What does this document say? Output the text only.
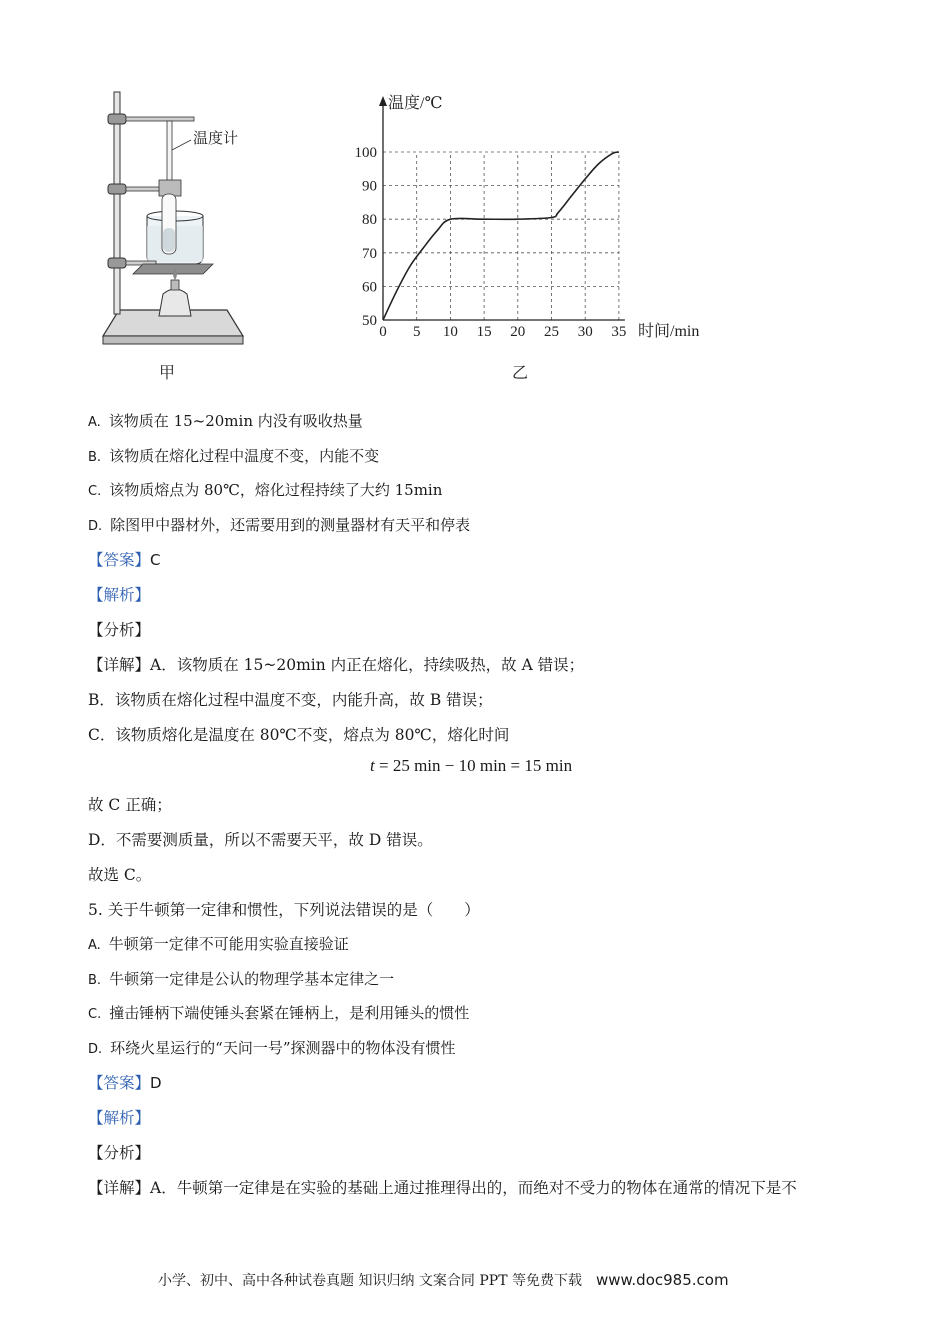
温度计
甲
0 5 10 15 20 25 30 35
50
60
70
80
90
100
温度/℃
时间/min
乙
A. 该物质在 15~20min 内没有吸收热量
B. 该物质在熔化过程中温度不变，内能不变
C. 该物质熔点为 80℃，熔化过程持续了大约 15min
D. 除图甲中器材外，还需要用到的测量器材有天平和停表
【答案】C
【解析】
【分析】
【详解】A．该物质在 15~20min 内正在熔化，持续吸热，故 A 错误；
B．该物质在熔化过程中温度不变，内能升高，故 B 错误；
C．该物质熔化是温度在 80℃不变，熔点为 80℃，熔化时间
t = 25 min − 10 min = 15 min
故 C 正确；
D．不需要测质量，所以不需要天平，故 D 错误。
故选 C。
5. 关于牛顿第一定律和惯性，下列说法错误的是（　　）
A. 牛顿第一定律不可能用实验直接验证
B. 牛顿第一定律是公认的物理学基本定律之一
C. 撞击锤柄下端使锤头套紧在锤柄上，是利用锤头的惯性
D. 环绕火星运行的“天问一号”探测器中的物体没有惯性
【答案】D
【解析】
【分析】
【详解】A．牛顿第一定律是在实验的基础上通过推理得出的，而绝对不受力的物体在通常的情况下是不
小学、初中、高中各种试卷真题 知识归纳 文案合同 PPT 等免费下载 www.doc985.com
